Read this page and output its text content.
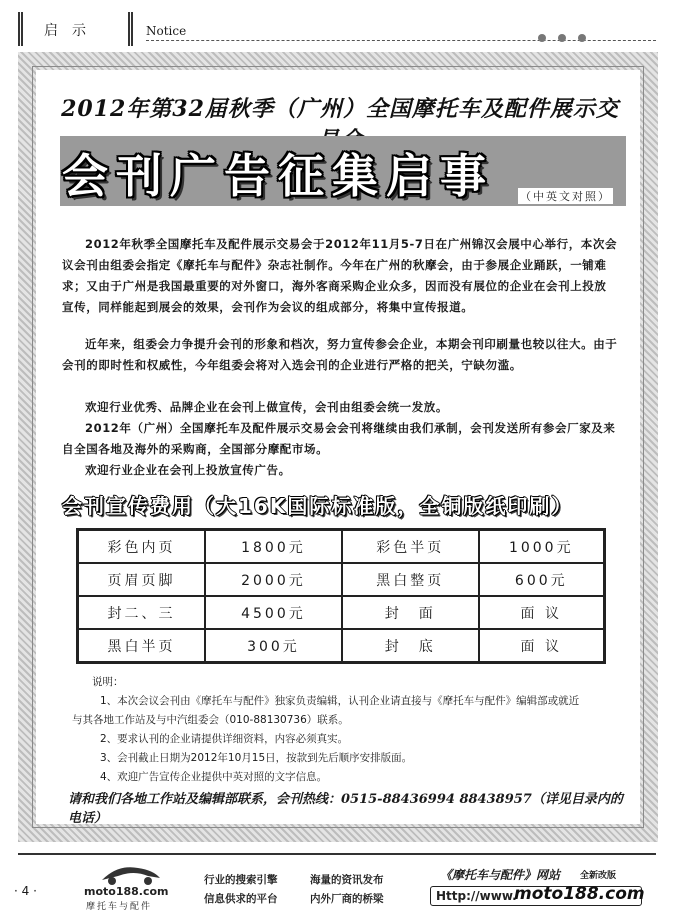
启示	Notice
2012年第32届秋季（广州）全国摩托车及配件展示交
会刊广告征集启事 （中英文对照）
2012年秋季全国摩托车及配件展示交易会于2012年11月5-7日在广州锦汉会展中心举行，本次会议会刊由组委会指定《摩托车与配件》杂志社制作。今年在广州的秋摩会，由于参展企业踊跃，一铺难求；又由于广州是我国最重要的对外窗口，海外客商采购企业众多，因而没有展位的企业在会刊上投放宣传，同样能起到展会的效果，会刊作为会议的组成部分，将集中宣传报道。
近年来，组委会力争提升会刊的形象和档次，努力宣传参会企业，本期会刊印刷量也较以往大。由于会刊的即时性和权威性，今年组委会将对入选会刊的企业进行严格的把关，宁缺勿滥。
欢迎行业优秀、品牌企业在会刊上做宣传，会刊由组委会统一发放。
2012年（广州）全国摩托车及配件展示交易会会刊将继续由我们承制，会刊发送所有参会厂家及来自全国各地及海外的采购商，全国部分摩配市场。
欢迎行业企业在会刊上投放宣传广告。
会刊宣传费用（大16K国际标准版，全铜版纸印刷）
彩色内页	1800元	彩色半页	1000元
页眉页脚	2000元	黑白整页	600元
封二、三	4500元	封　面	面 议
黑白半页	300元	封　底	面 议
说明：
1、本次会议会刊由《摩托车与配件》独家负责编辑，认刊企业请直接与《摩托车与配件》编辑部或就近
与其各地工作站及与中汽组委会（010-88130736）联系。
2、要求认刊的企业请提供详细资料，内容必须真实。
3、会刊截止日期为2012年10月15日，按款到先后顺序安排版面。
4、欢迎广告宣传企业提供中英对照的文字信息。
请和我们各地工作站及编辑部联系，会刊热线：0515-88436994 88438957（详见目录内的电话）
· 4 ·	moto188.com
摩托车与配件
行业的搜索引擎	海量的资讯发布
信息供求的平台	内外厂商的桥梁
《摩托车与配件》网站 全新改版
Http://www.
moto188.com
